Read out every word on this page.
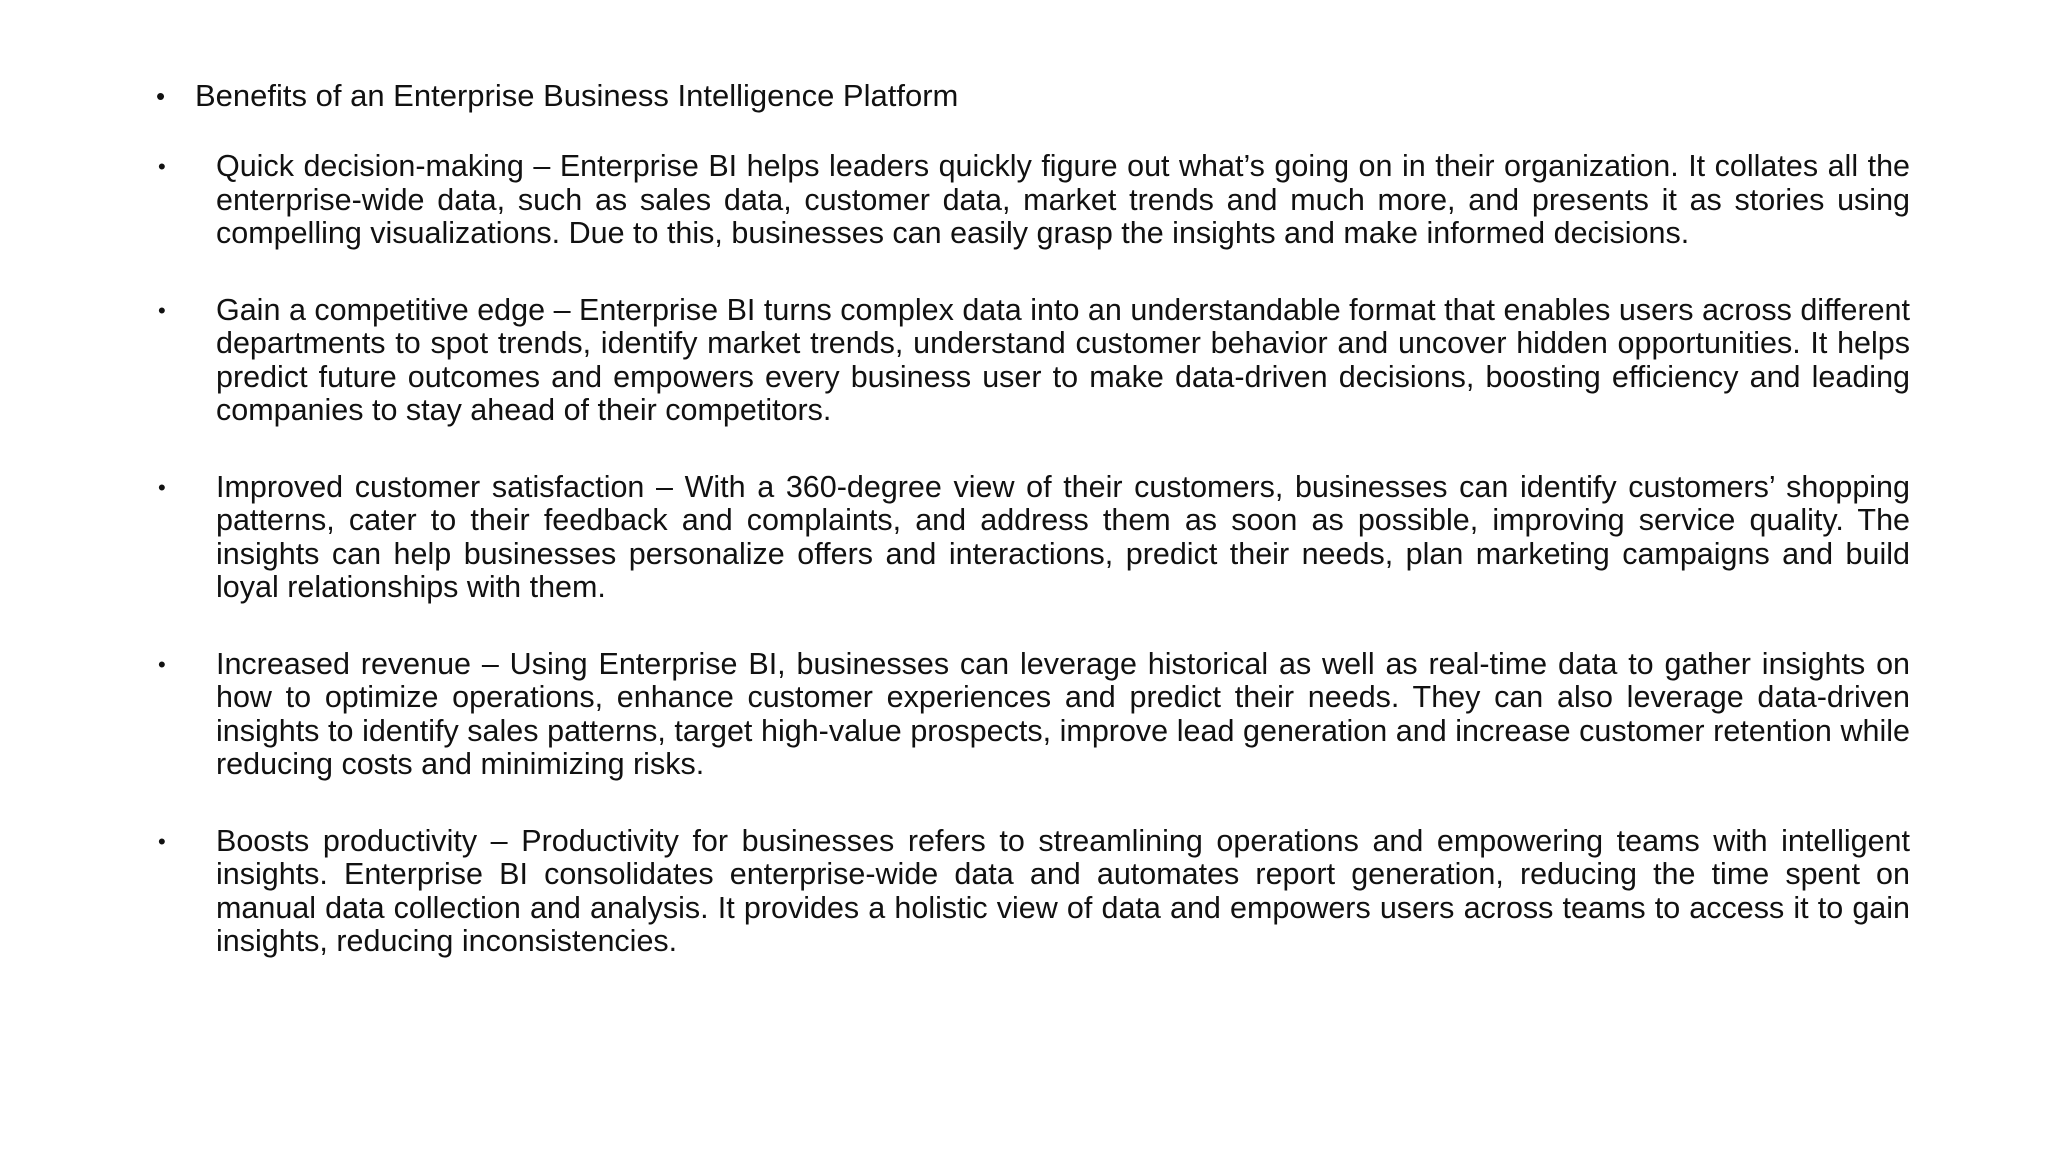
• Benefits of an Enterprise Business Intelligence Platform
• Quick decision-making – Enterprise BI helps leaders quickly figure out what’s going on in their organization. It collates all the enterprise-wide data, such as sales data, customer data, market trends and much more, and presents it as stories using compelling visualizations. Due to this, businesses can easily grasp the insights and make informed decisions.
• Gain a competitive edge – Enterprise BI turns complex data into an understandable format that enables users across different departments to spot trends, identify market trends, understand customer behavior and uncover hidden opportunities. It helps predict future outcomes and empowers every business user to make data-driven decisions, boosting efficiency and leading companies to stay ahead of their competitors.
• Improved customer satisfaction – With a 360-degree view of their customers, businesses can identify customers’ shopping patterns, cater to their feedback and complaints, and address them as soon as possible, improving service quality. The insights can help businesses personalize offers and interactions, predict their needs, plan marketing campaigns and build loyal relationships with them.
• Increased revenue – Using Enterprise BI, businesses can leverage historical as well as real-time data to gather insights on how to optimize operations, enhance customer experiences and predict their needs. They can also leverage data-driven insights to identify sales patterns, target high-value prospects, improve lead generation and increase customer retention while reducing costs and minimizing risks.
• Boosts productivity – Productivity for businesses refers to streamlining operations and empowering teams with intelligent insights. Enterprise BI consolidates enterprise-wide data and automates report generation, reducing the time spent on manual data collection and analysis. It provides a holistic view of data and empowers users across teams to access it to gain insights, reducing inconsistencies.
